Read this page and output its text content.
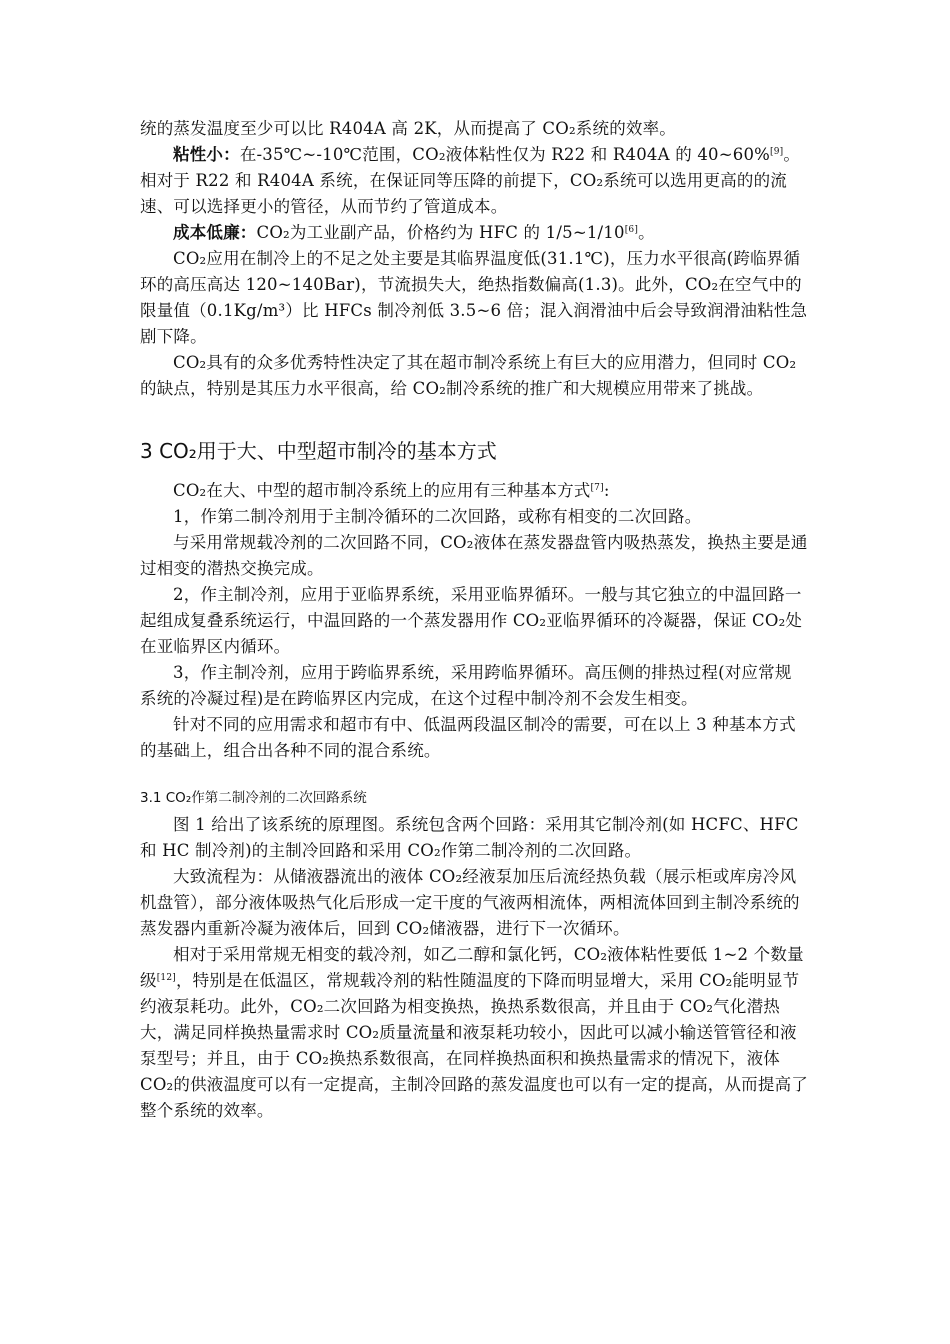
统的蒸发温度至少可以比 R404A 高 2K，从而提高了 CO₂系统的效率。

粘性小：在-35℃~-10℃范围，CO₂液体粘性仅为 R22 和 R404A 的 40~60%[9]。相对于 R22 和 R404A 系统，在保证同等压降的前提下，CO₂系统可以选用更高的的流速、可以选择更小的管径，从而节约了管道成本。

成本低廉：CO₂为工业副产品，价格约为 HFC 的 1/5~1/10[6]。

CO₂应用在制冷上的不足之处主要是其临界温度低(31.1℃)，压力水平很高(跨临界循环的高压高达 120~140Bar)，节流损失大，绝热指数偏高(1.3)。此外，CO₂在空气中的限量值（0.1Kg/m³）比 HFCs 制冷剂低 3.5~6 倍；混入润滑油中后会导致润滑油粘性急剧下降。

CO₂具有的众多优秀特性决定了其在超市制冷系统上有巨大的应用潜力，但同时 CO₂的缺点，特别是其压力水平很高，给 CO₂制冷系统的推广和大规模应用带来了挑战。

3 CO₂用于大、中型超市制冷的基本方式

CO₂在大、中型的超市制冷系统上的应用有三种基本方式[7]:

1，作第二制冷剂用于主制冷循环的二次回路，或称有相变的二次回路。

与采用常规载冷剂的二次回路不同，CO₂液体在蒸发器盘管内吸热蒸发，换热主要是通过相变的潜热交换完成。

2，作主制冷剂，应用于亚临界系统，采用亚临界循环。一般与其它独立的中温回路一起组成复叠系统运行，中温回路的一个蒸发器用作 CO₂亚临界循环的冷凝器，保证 CO₂处在亚临界区内循环。

3，作主制冷剂，应用于跨临界系统，采用跨临界循环。高压侧的排热过程(对应常规系统的冷凝过程)是在跨临界区内完成，在这个过程中制冷剂不会发生相变。

针对不同的应用需求和超市有中、低温两段温区制冷的需要，可在以上 3 种基本方式的基础上，组合出各种不同的混合系统。

3.1 CO₂作第二制冷剂的二次回路系统

图 1 给出了该系统的原理图。系统包含两个回路：采用其它制冷剂(如 HCFC、HFC 和 HC 制冷剂)的主制冷回路和采用 CO₂作第二制冷剂的二次回路。

大致流程为：从储液器流出的液体 CO₂经液泵加压后流经热负载（展示柜或库房冷风机盘管），部分液体吸热气化后形成一定干度的气液两相流体，两相流体回到主制冷系统的蒸发器内重新冷凝为液体后，回到 CO₂储液器，进行下一次循环。

相对于采用常规无相变的载冷剂，如乙二醇和氯化钙，CO₂液体粘性要低 1~2 个数量级[12]，特别是在低温区，常规载冷剂的粘性随温度的下降而明显增大，采用 CO₂能明显节约液泵耗功。此外，CO₂二次回路为相变换热，换热系数很高，并且由于 CO₂气化潜热大，满足同样换热量需求时 CO₂质量流量和液泵耗功较小，因此可以减小输送管管径和液泵型号；并且，由于 CO₂换热系数很高，在同样换热面积和换热量需求的情况下，液体 CO₂的供液温度可以有一定提高，主制冷回路的蒸发温度也可以有一定的提高，从而提高了整个系统的效率。
